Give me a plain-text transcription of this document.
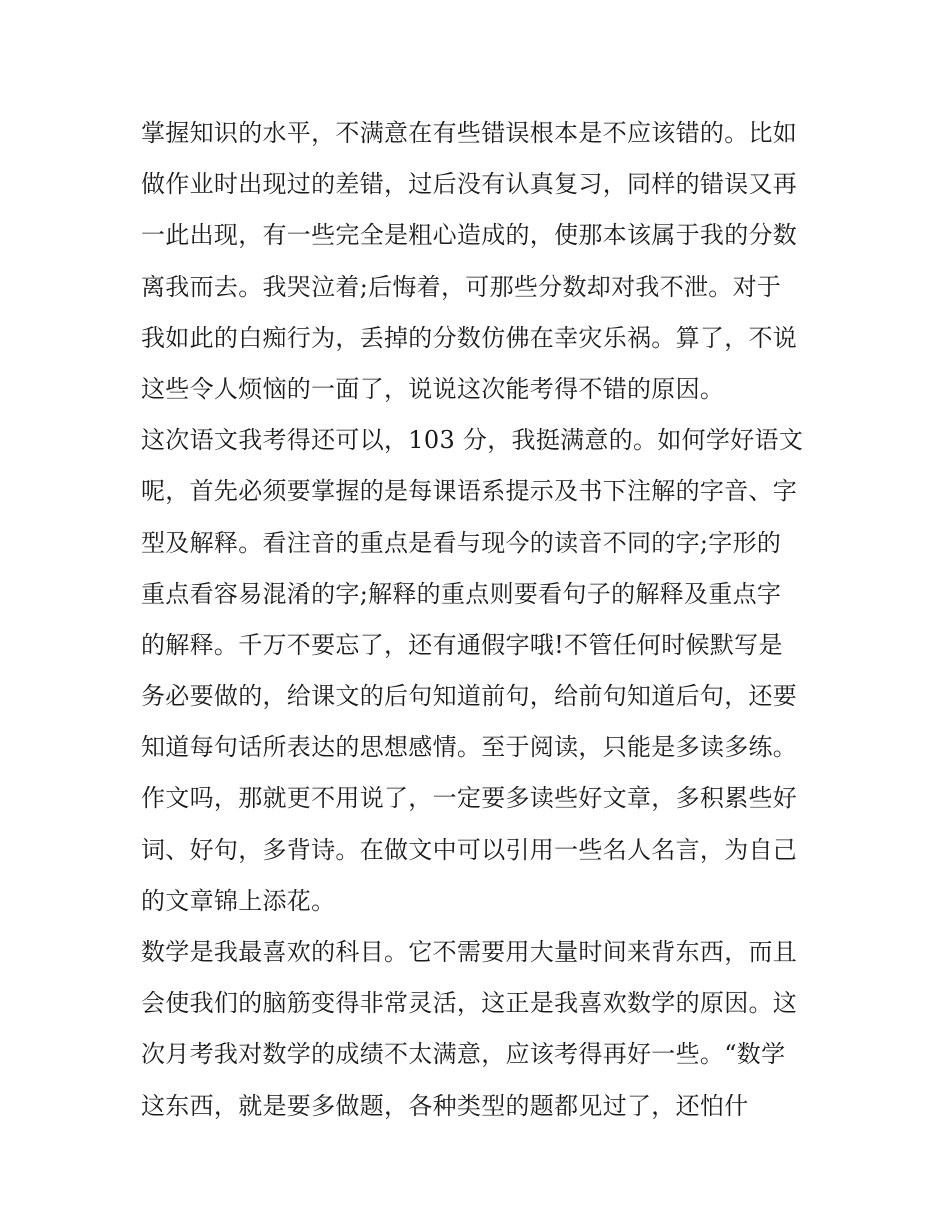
掌握知识的水平，不满意在有些错误根本是不应该错的。比如
做作业时出现过的差错，过后没有认真复习，同样的错误又再
一此出现，有一些完全是粗心造成的，使那本该属于我的分数
离我而去。我哭泣着;后悔着，可那些分数却对我不泄。对于
我如此的白痴行为，丢掉的分数仿佛在幸灾乐祸。算了，不说
这些令人烦恼的一面了，说说这次能考得不错的原因。
这次语文我考得还可以，103 分，我挺满意的。如何学好语文
呢，首先必须要掌握的是每课语系提示及书下注解的字音、字
型及解释。看注音的重点是看与现今的读音不同的字;字形的
重点看容易混淆的字;解释的重点则要看句子的解释及重点字
的解释。千万不要忘了，还有通假字哦!不管任何时候默写是
务必要做的，给课文的后句知道前句，给前句知道后句，还要
知道每句话所表达的思想感情。至于阅读，只能是多读多练。
作文吗，那就更不用说了，一定要多读些好文章，多积累些好
词、好句，多背诗。在做文中可以引用一些名人名言，为自己
的文章锦上添花。
数学是我最喜欢的科目。它不需要用大量时间来背东西，而且
会使我们的脑筋变得非常灵活，这正是我喜欢数学的原因。这
次月考我对数学的成绩不太满意，应该考得再好一些。“数学
这东西，就是要多做题，各种类型的题都见过了，还怕什
